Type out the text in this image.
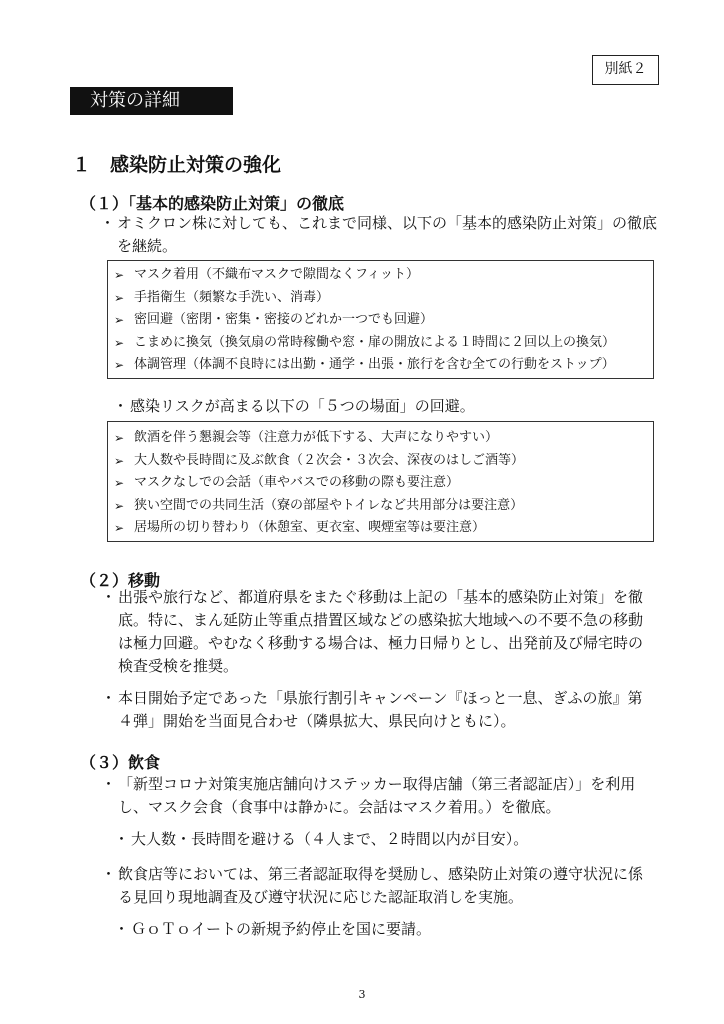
別紙２
対策の詳細
１　感染防止対策の強化
（１）「基本的感染防止対策」の徹底
・ オミクロン株に対しても、これまで同様、以下の「基本的感染防止対策」の徹底を継続。
➢ マスク着用（不織布マスクで隙間なくフィット）
➢ 手指衛生（頻繁な手洗い、消毒）
➢ 密回避（密閉・密集・密接のどれか一つでも回避）
➢ こまめに換気（換気扇の常時稼働や窓・扉の開放による１時間に２回以上の換気）
➢ 体調管理（体調不良時には出勤・通学・出張・旅行を含む全ての行動をストップ）
・ 感染リスクが高まる以下の「５つの場面」の回避。
➢ 飲酒を伴う懇親会等（注意力が低下する、大声になりやすい）
➢ 大人数や長時間に及ぶ飲食（２次会・３次会、深夜のはしご酒等）
➢ マスクなしでの会話（車やバスでの移動の際も要注意）
➢ 狭い空間での共同生活（寮の部屋やトイレなど共用部分は要注意）
➢ 居場所の切り替わり（休憩室、更衣室、喫煙室等は要注意）
（２）移動
・ 出張や旅行など、都道府県をまたぐ移動は上記の「基本的感染防止対策」を徹底。特に、まん延防止等重点措置区域などの感染拡大地域への不要不急の移動は極力回避。やむなく移動する場合は、極力日帰りとし、出発前及び帰宅時の検査受検を推奨。
・ 本日開始予定であった「県旅行割引キャンペーン『ほっと一息、ぎふの旅』第４弾」開始を当面見合わせ（隣県拡大、県民向けともに）。
（３）飲食
・ 「新型コロナ対策実施店舗向けステッカー取得店舗（第三者認証店）」を利用し、マスク会食（食事中は静かに。会話はマスク着用。）を徹底。
・ 大人数・長時間を避ける（４人まで、２時間以内が目安）。
・ 飲食店等においては、第三者認証取得を奨励し、感染防止対策の遵守状況に係る見回り現地調査及び遵守状況に応じた認証取消しを実施。
・ ＧｏＴｏイートの新規予約停止を国に要請。
3
